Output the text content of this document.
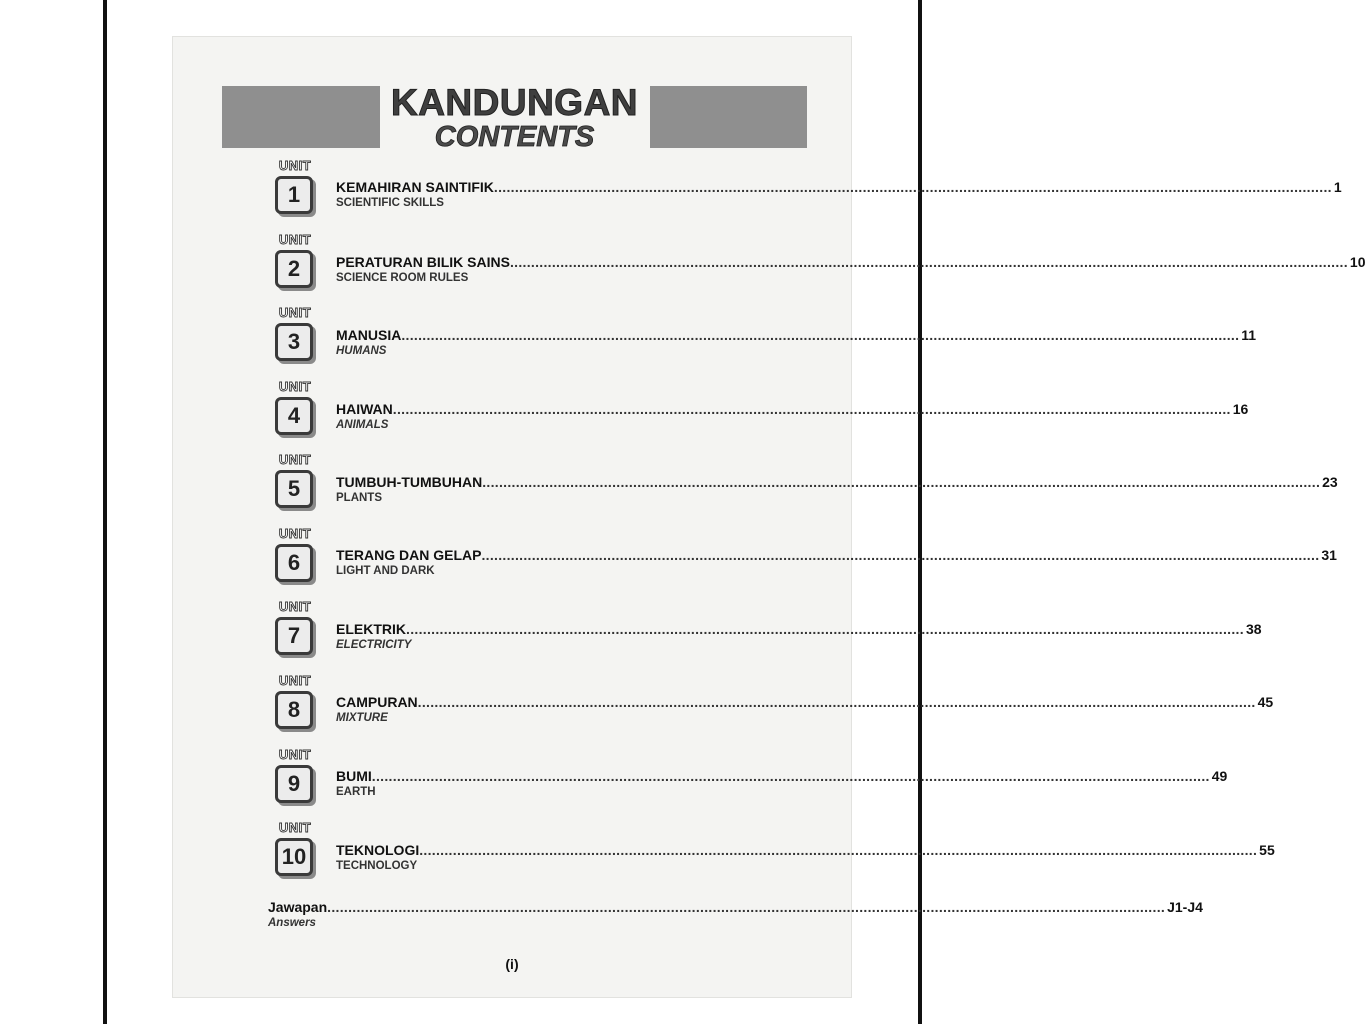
KANDUNGAN
CONTENTS
UNIT
1	KEMAHIRAN SAINTIFIK ........................................................................................................................................................................................................ 1
SCIENTIFIC SKILLS
UNIT
2	PERATURAN BILIK SAINS ........................................................................................................................................................................................................ 10
SCIENCE ROOM RULES
UNIT
3	MANUSIA ........................................................................................................................................................................................................ 11
HUMANS
UNIT
4	HAIWAN ........................................................................................................................................................................................................ 16
ANIMALS
UNIT
5	TUMBUH-TUMBUHAN ........................................................................................................................................................................................................ 23
PLANTS
UNIT
6	TERANG DAN GELAP ........................................................................................................................................................................................................ 31
LIGHT AND DARK
UNIT
7	ELEKTRIK ........................................................................................................................................................................................................ 38
ELECTRICITY
UNIT
8	CAMPURAN ........................................................................................................................................................................................................ 45
MIXTURE
UNIT
9	BUMI ........................................................................................................................................................................................................ 49
EARTH
UNIT
10	TEKNOLOGI ........................................................................................................................................................................................................ 55
TECHNOLOGY
Jawapan ........................................................................................................................................................................................................ J1-J4
Answers
(i)
